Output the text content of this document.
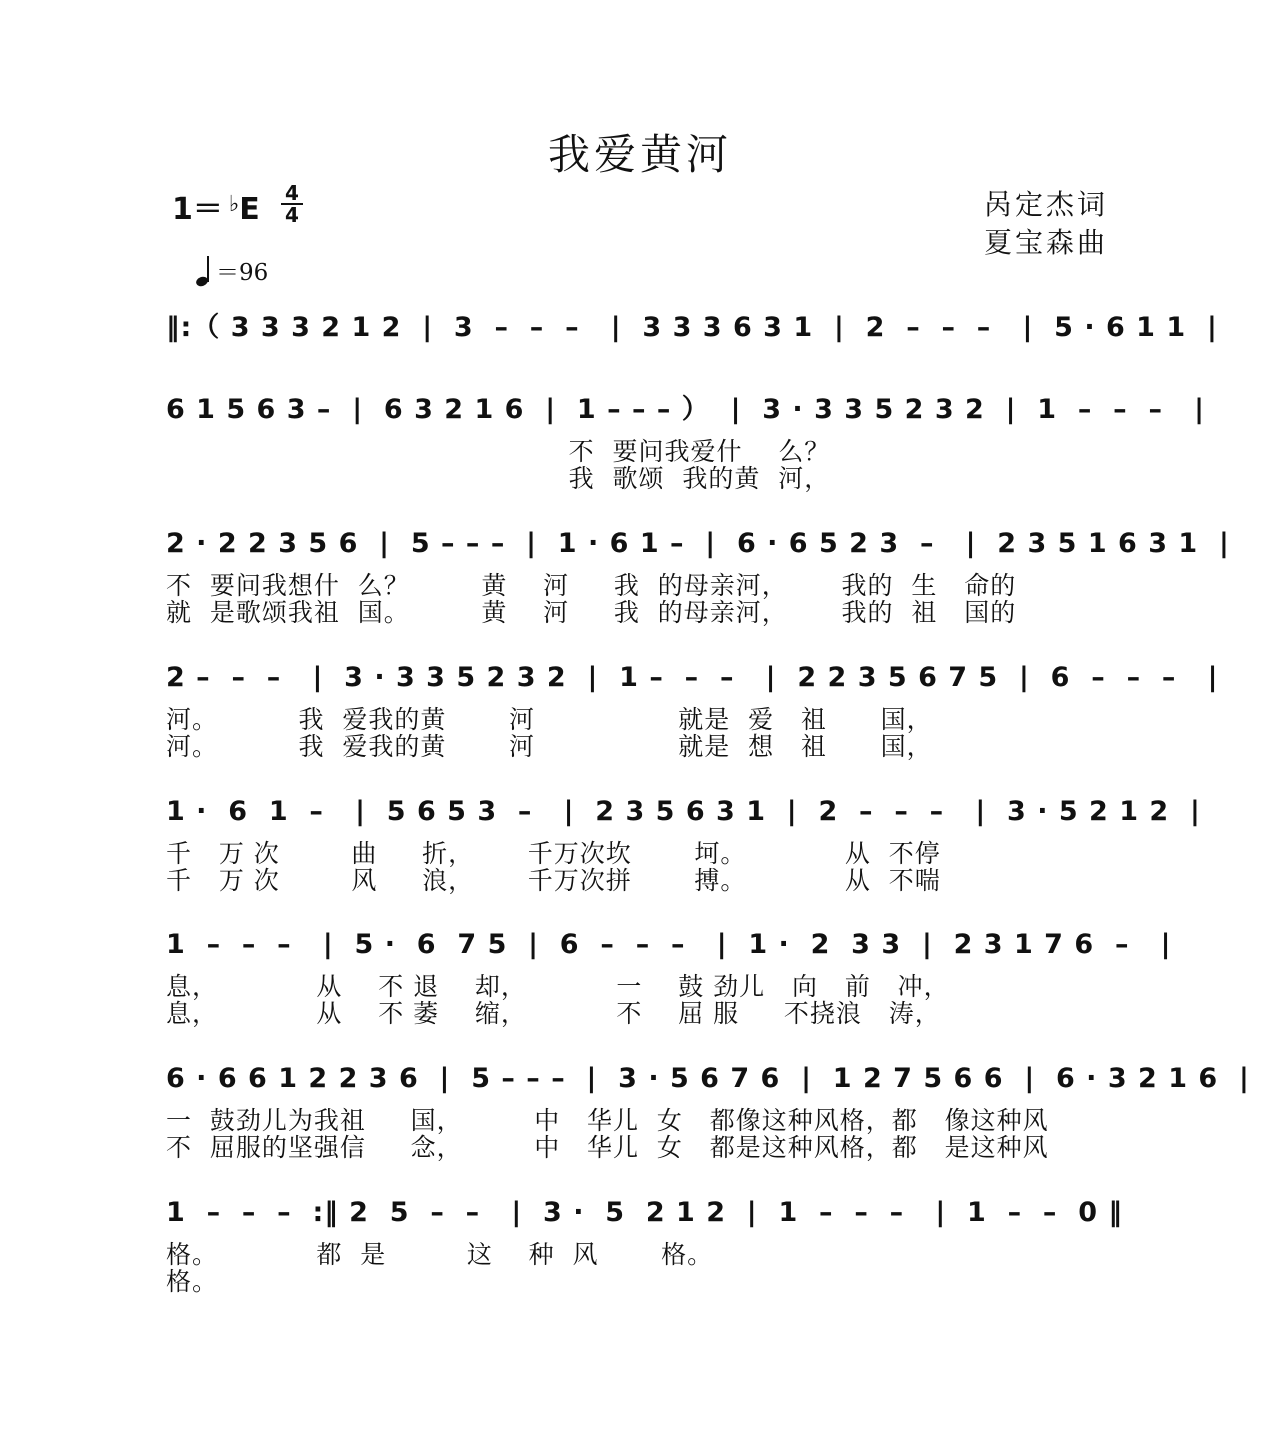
我爱黄河
1＝ ♭E 4
4	呙定杰词
夏宝森曲
＝96
‖:（ 3 3 3 2 1 2  |  3  –  –  –   |  3 3 3 6 3 1  |  2  –  –  –   |  5 · 6 1 1  |
6 1 5 6 3 –  |  6 3 2 1 6  |  1 – – – ）  |  3 · 3 3 5 2 3 2  |  1  –  –  –   |
不  要问我爱什    么？
我  歌颂  我的黄  河，
2 · 2 2 3 5 6  |  5 – – –  |  1 · 6 1 –  |  6 · 6 5 2 3  –   |  2 3 5 1 6 3 1  |
不  要问我想什  么？        黄    河     我  的母亲河，      我的  生   命的
就  是歌颂我祖  国。        黄    河     我  的母亲河，      我的  祖   国的
2 –  –  –   |  3 · 3 3 5 2 3 2  |  1 –  –  –   |  2 2 3 5 6 7 5  |  6  –  –  –   |
河。         我  爱我的黄       河                就是  爱   祖      国，
河。         我  爱我的黄       河                就是  想   祖      国，
1 ·  6  1  –   |  5 6 5 3  –   |  2 3 5 6 3 1  |  2  –  –  –   |  3 · 5 2 1 2  |
千   万 次        曲     折，      千万次坎       坷。           从  不停
千   万 次        风     浪，      千万次拼       搏。           从  不喘
1  –  –  –   |  5 ·  6  7 5  |  6  –  –  –   |  1 ·  2  3 3  |  2 3 1 7 6  –   |
息，           从    不 退    却，          一    鼓 劲儿   向   前   冲，
息，           从    不 萎    缩，          不    屈 服     不挠浪   涛，
6 · 6 6 1 2 2 3 6  |  5 – – –  |  3 · 5 6 7 6  |  1 2 7 5 6 6  |  6 · 3 2 1 6  |
一  鼓劲儿为我祖     国，        中   华儿  女   都像这种风格，都   像这种风
不  屈服的坚强信     念，        中   华儿  女   都是这种风格，都   是这种风
1  –  –  –  :‖ 2  5  –  –   |  3 ·  5  2 1 2  |  1  –  –  –   |  1  –  –  0 ‖
格。           都  是         这    种  风       格。
格。
